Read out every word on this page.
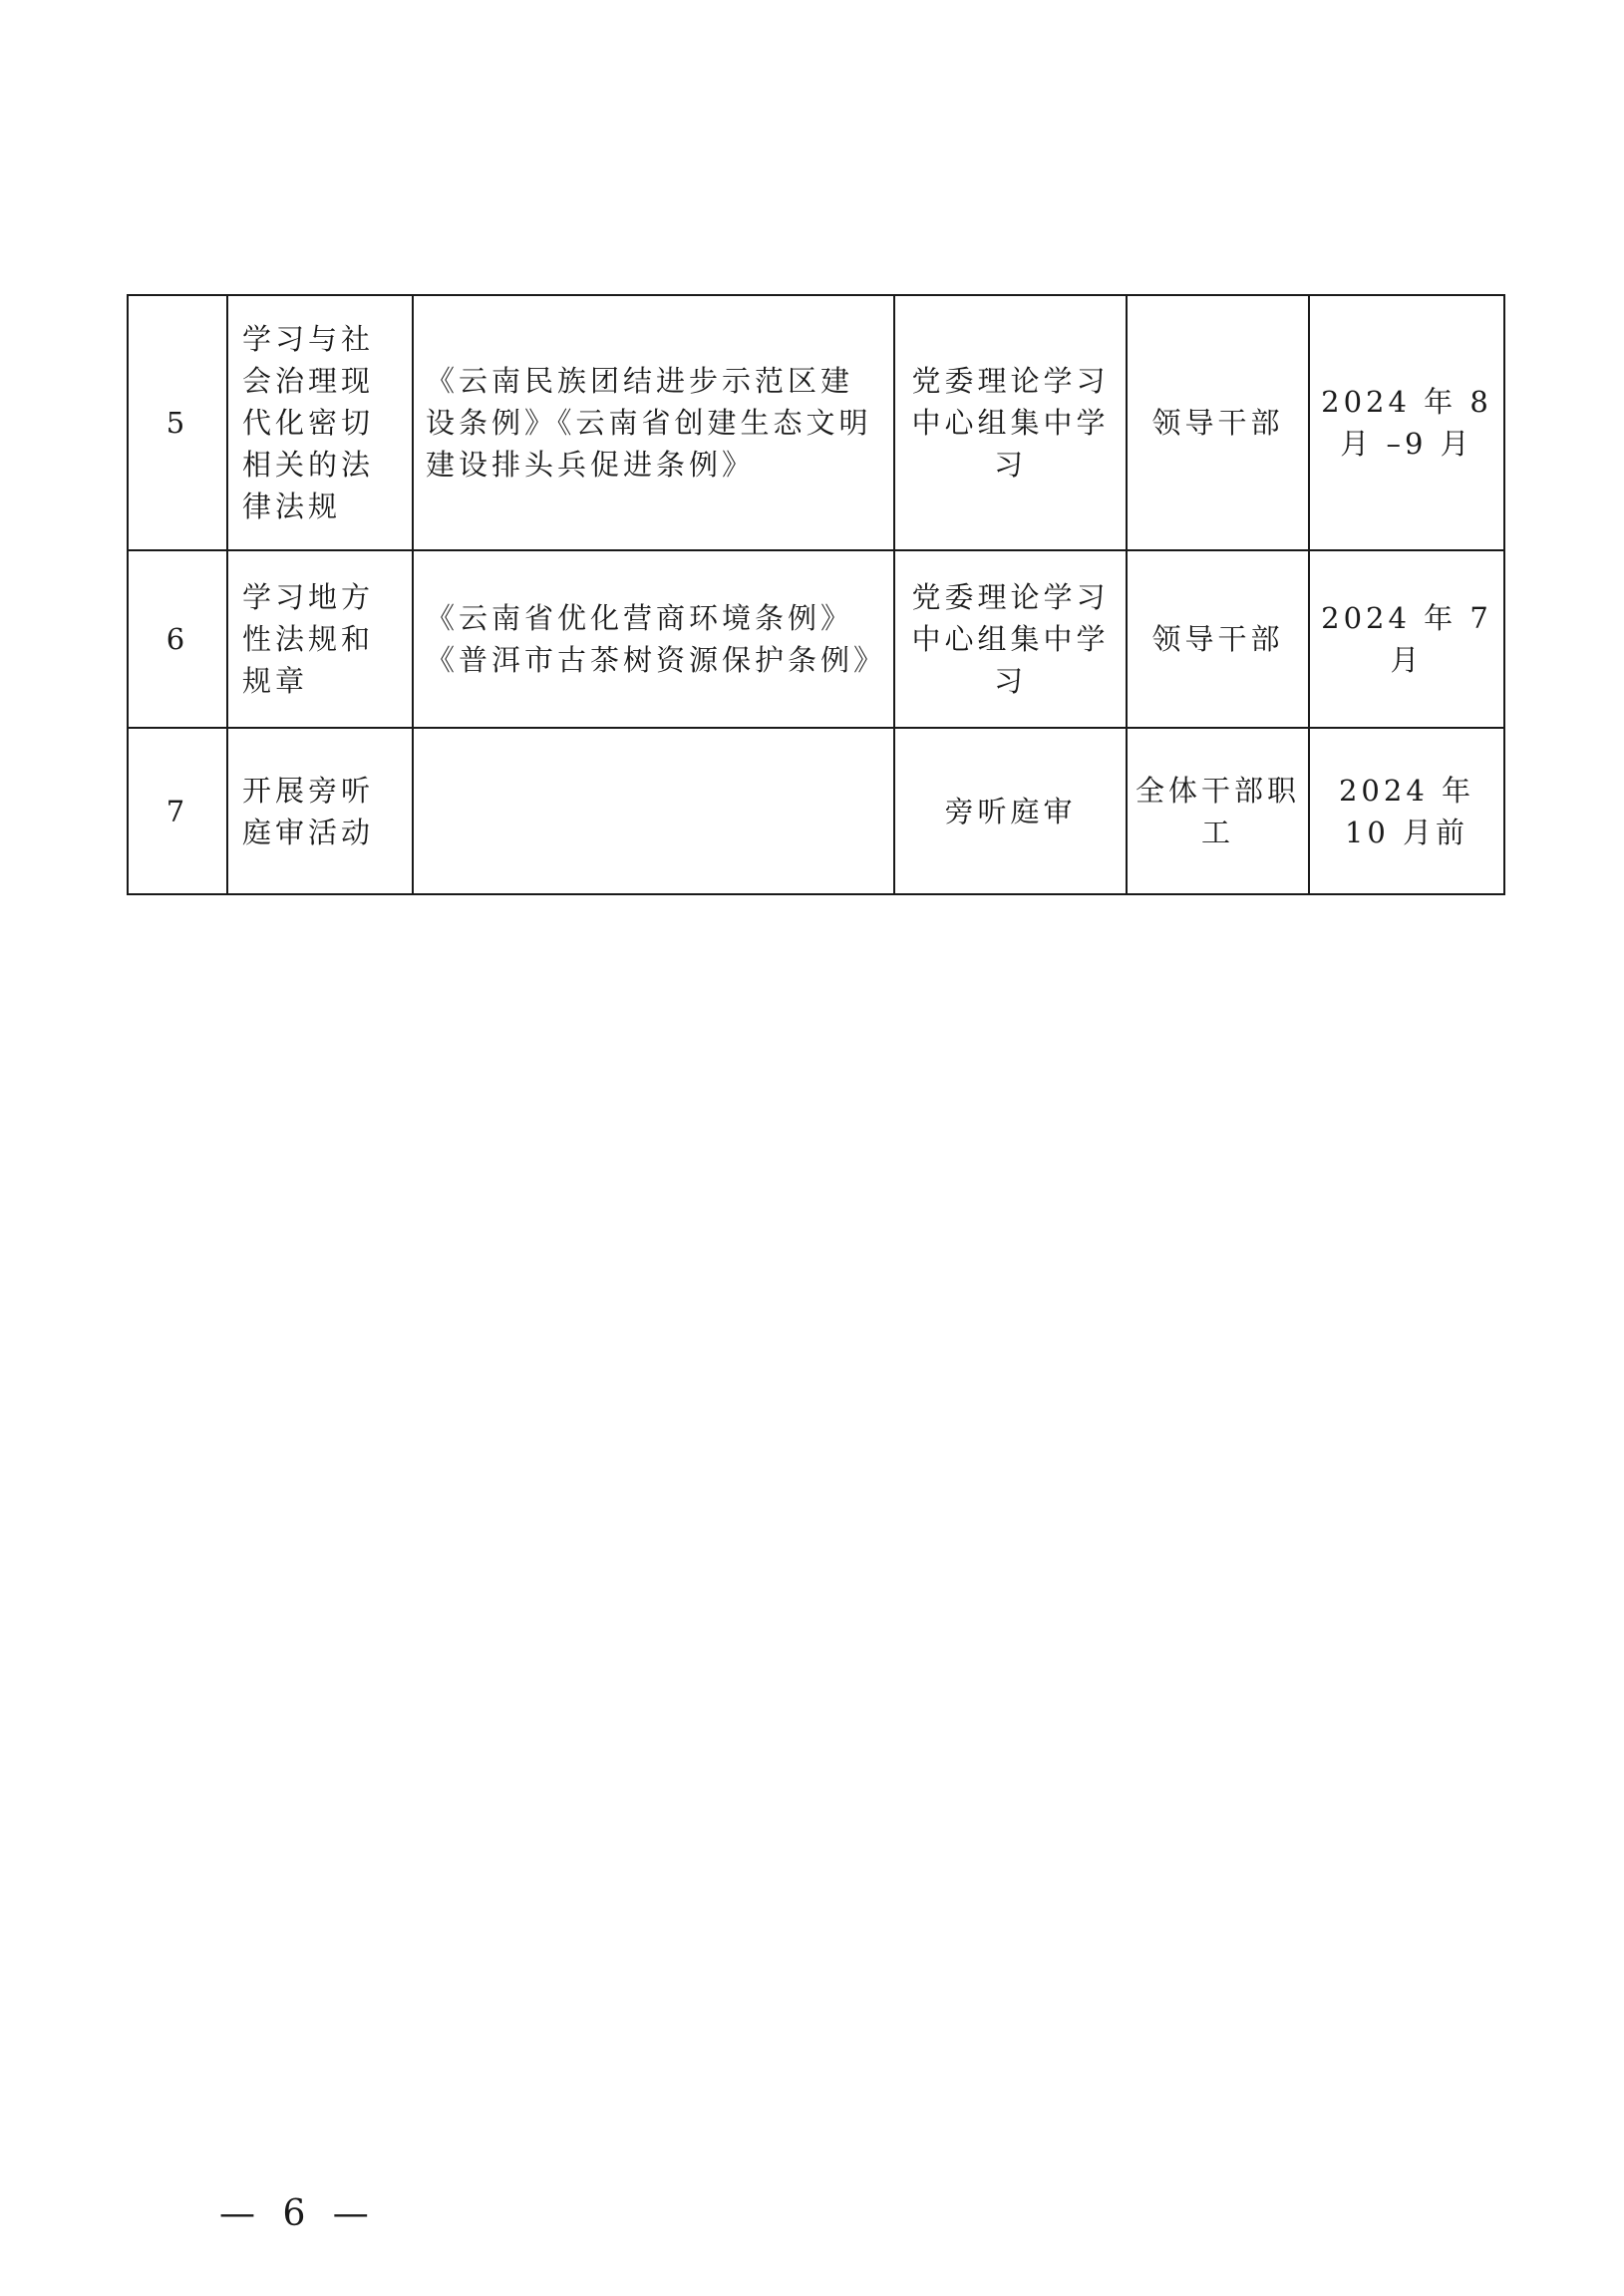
5	学习与社会治理现代化密切相关的法律法规	《云南民族团结进步示范区建设条例》《云南省创建生态文明建设排头兵促进条例》	党委理论学习中心组集中学习	领导干部	2024 年 8 月 –9 月
6	学习地方性法规和规章	《云南省优化营商环境条例》《普洱市古茶树资源保护条例》	党委理论学习中心组集中学习	领导干部	2024 年 7 月
7	开展旁听庭审活动		旁听庭审	全体干部职工	2024 年 10 月前
— 6 —
